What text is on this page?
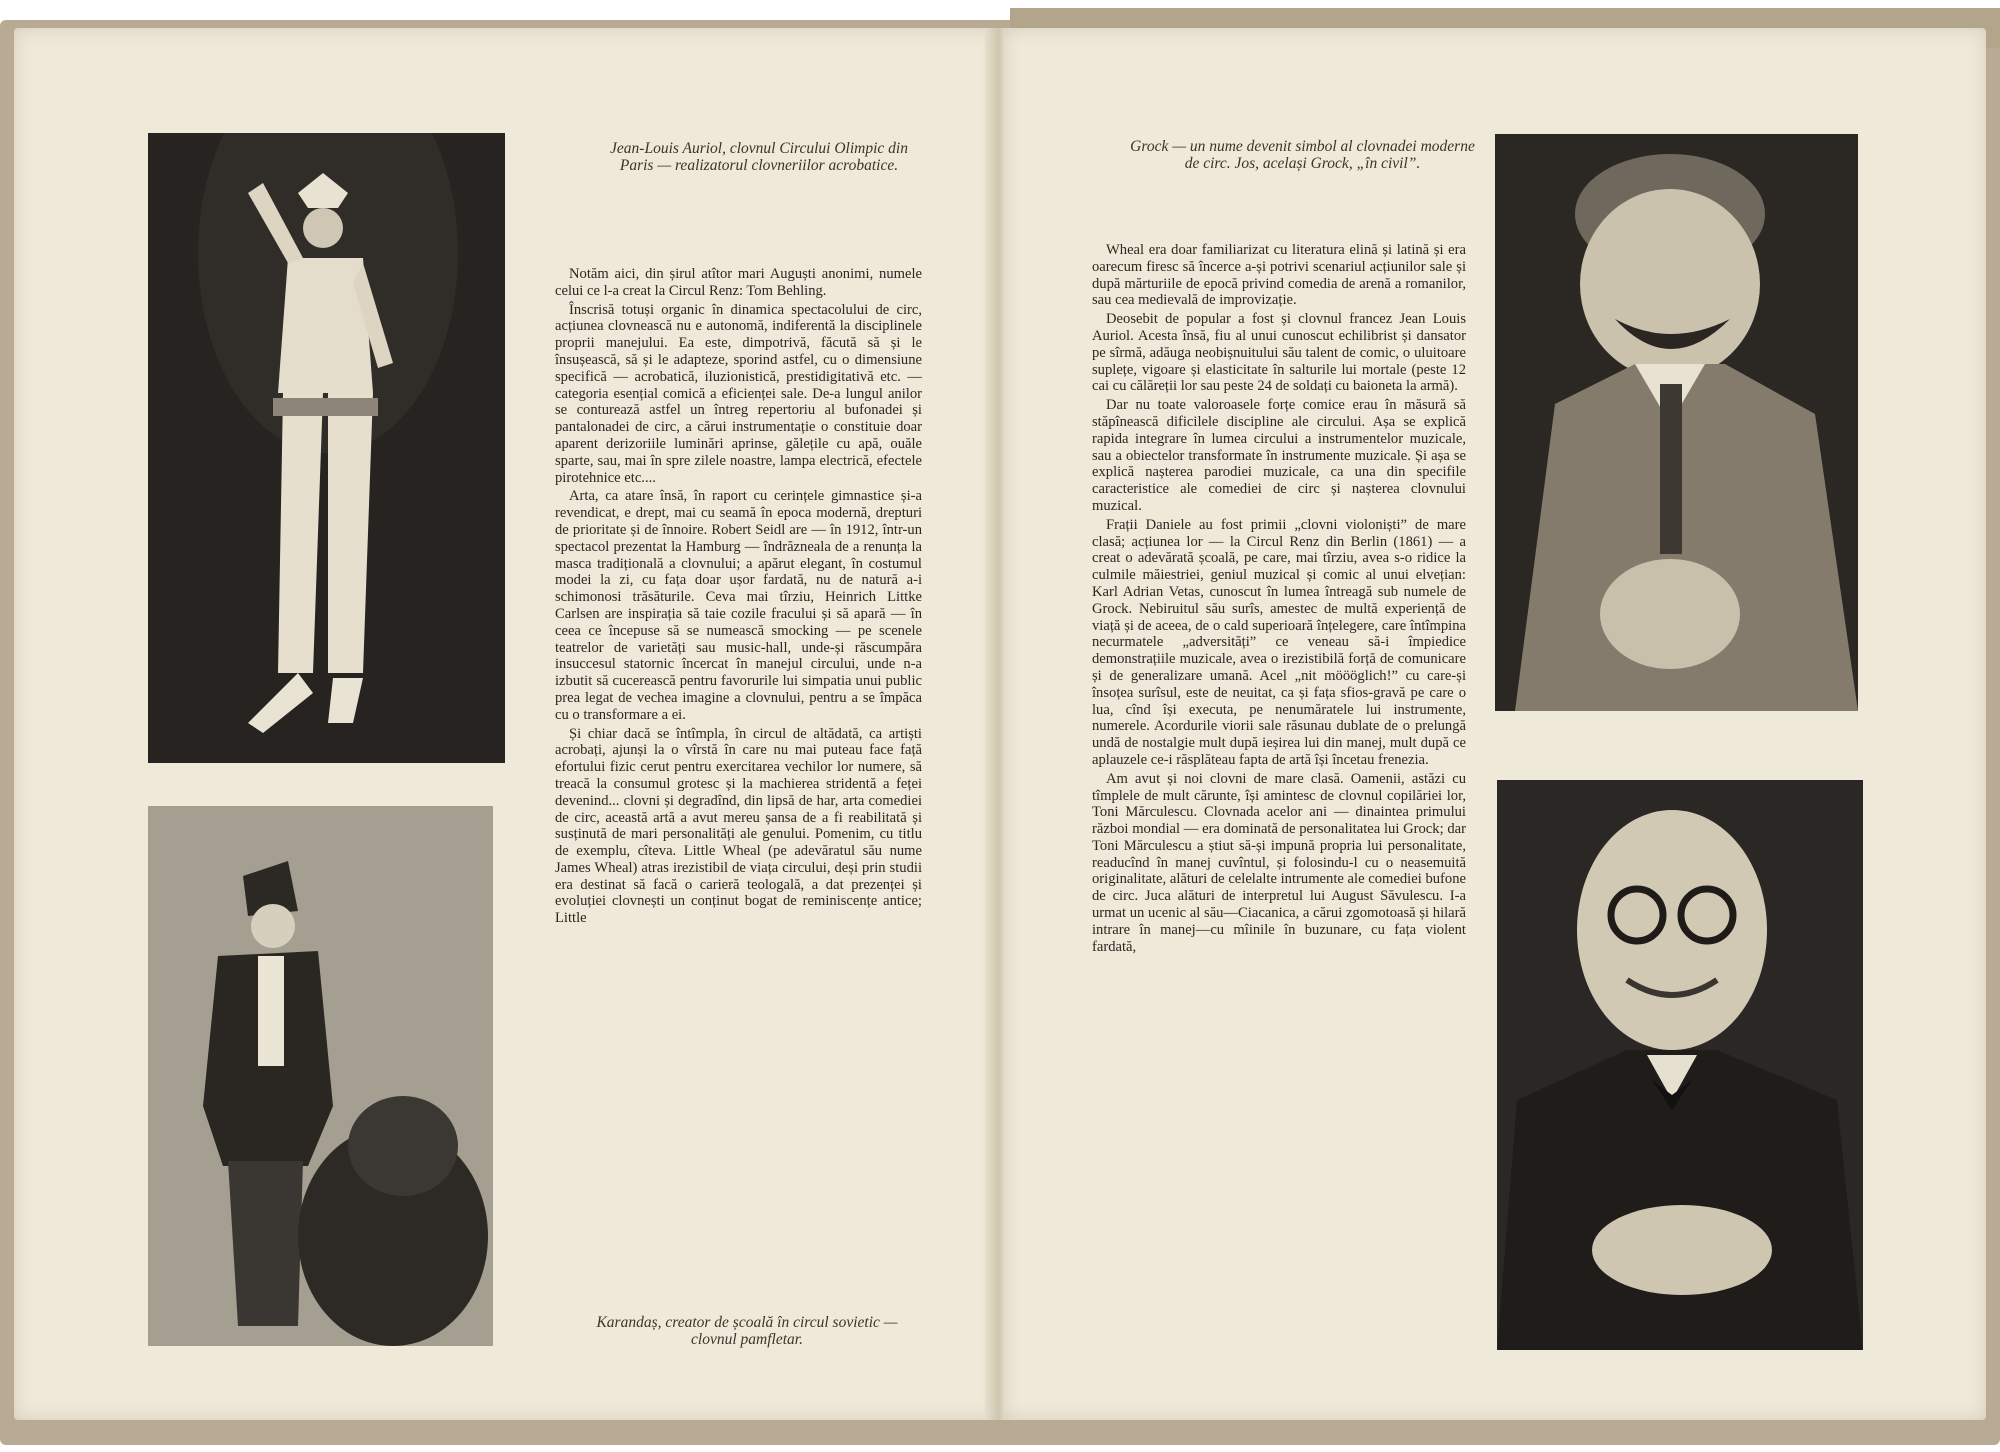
Jean-Louis Auriol, clovnul Circului Olimpic din Paris — realizatorul clovneriilor acrobatice.

Notăm aici, din șirul atîtor mari Auguști anonimi, numele celui ce l-a creat la Circul Renz: Tom Behling.

Înscrisă totuși organic în dinamica spectacolului de circ, acțiunea clovnească nu e autonomă, indiferentă la disciplinele proprii manejului. Ea este, dimpotrivă, făcută să și le însușească, să și le adapteze, sporind astfel, cu o dimensiune specifică — acrobatică, iluzionistică, prestidigitativă etc. — categoria esențial comică a eficienței sale. De-a lungul anilor se conturează astfel un întreg repertoriu al bufonadei și pantalonadei de circ, a cărui instrumentație o constituie doar aparent derizoriile luminări aprinse, gălețile cu apă, ouăle sparte, sau, mai în spre zilele noastre, lampa electrică, efectele pirotehnice etc....

Arta, ca atare însă, în raport cu cerințele gimnastice și-a revendicat, e drept, mai cu seamă în epoca modernă, drepturi de prioritate și de înnoire. Robert Seidl are — în 1912, într-un spectacol prezentat la Hamburg — îndrăzneala de a renunța la masca tradițională a clovnului; a apărut elegant, în costumul modei la zi, cu fața doar ușor fardată, nu de natură a-i schimonosi trăsăturile. Ceva mai tîrziu, Heinrich Littke Carlsen are inspirația să taie cozile fracului și să apară — în ceea ce începuse să se numească smocking — pe scenele teatrelor de varietăți sau music-hall, unde-și răscumpăra insuccesul statornic încercat în manejul circului, unde n-a izbutit să cucerească pentru favorurile lui simpatia unui public prea legat de vechea imagine a clovnului, pentru a se împăca cu o transformare a ei.

Și chiar dacă se întîmpla, în circul de altădată, ca artiști acrobați, ajunși la o vîrstă în care nu mai puteau face față efortului fizic cerut pentru exercitarea vechilor lor numere, să treacă la consumul grotesc și la machierea stridentă a feței devenind... clovni și degradînd, din lipsă de har, arta comediei de circ, această artă a avut mereu șansa de a fi reabilitată și susținută de mari personalități ale genului. Pomenim, cu titlu de exemplu, cîteva. Little Wheal (pe adevăratul său nume James Wheal) atras irezistibil de viața circului, deși prin studii era destinat să facă o carieră teologală, a dat prezenței și evoluției clovnești un conținut bogat de reminiscențe antice; Little

Karandaș, creator de școală în circul sovietic — clovnul pamfletar.
Grock — un nume devenit simbol al clovnadei moderne de circ. Jos, același Grock, „în civil”.

Wheal era doar familiarizat cu literatura elină și latină și era oarecum firesc să încerce a-și potrivi scenariul acțiunilor sale și după mărturiile de epocă privind comedia de arenă a romanilor, sau cea medievală de improvizație.

Deosebit de popular a fost și clovnul francez Jean Louis Auriol. Acesta însă, fiu al unui cunoscut echilibrist și dansator pe sîrmă, adăuga neobișnuitului său talent de comic, o uluitoare suplețe, vigoare și elasticitate în salturile lui mortale (peste 12 cai cu călăreții lor sau peste 24 de soldați cu baioneta la armă).

Dar nu toate valoroasele forțe comice erau în măsură să stăpînească dificilele discipline ale circului. Așa se explică rapida integrare în lumea circului a instrumentelor muzicale, sau a obiectelor transformate în instrumente muzicale. Și așa se explică nașterea parodiei muzicale, ca una din specifile caracteristice ale comediei de circ și nașterea clovnului muzical.

Frații Daniele au fost primii „clovni violoniști” de mare clasă; acțiunea lor — la Circul Renz din Berlin (1861) — a creat o adevărată școală, pe care, mai tîrziu, avea s-o ridice la culmile măiestriei, geniul muzical și comic al unui elvețian: Karl Adrian Vetas, cunoscut în lumea întreagă sub numele de Grock. Nebiruitul său surîs, amestec de multă experiență de viață și de aceea, de o cald superioară înțelegere, care întîmpina necurmatele „adversități” ce veneau să-i împiedice demonstrațiile muzicale, avea o irezistibilă forță de comunicare și de generalizare umană. Acel „nit möööglich!” cu care-și însoțea surîsul, este de neuitat, ca și fața sfios-gravă pe care o lua, cînd își executa, pe nenumăratele lui instrumente, numerele. Acordurile viorii sale răsunau dublate de o prelungă undă de nostalgie mult după ieșirea lui din manej, mult după ce aplauzele ce-i răsplăteau fapta de artă își încetau frenezia.

Am avut și noi clovni de mare clasă. Oamenii, astăzi cu tîmplele de mult cărunte, își amintesc de clovnul copilăriei lor, Toni Mărculescu. Clovnada acelor ani — dinaintea primului război mondial — era dominată de personalitatea lui Grock; dar Toni Mărculescu a știut să-și impună propria lui personalitate, readucînd în manej cuvîntul, și folosindu-l cu o neasemuită originalitate, alături de celelalte intrumente ale comediei bufone de circ. Juca alături de interpretul lui August Săvulescu. I-a urmat un ucenic al său—Ciacanica, a cărui zgomotoasă și hilară intrare în manej—cu mîinile în buzunare, cu fața violent fardată,
